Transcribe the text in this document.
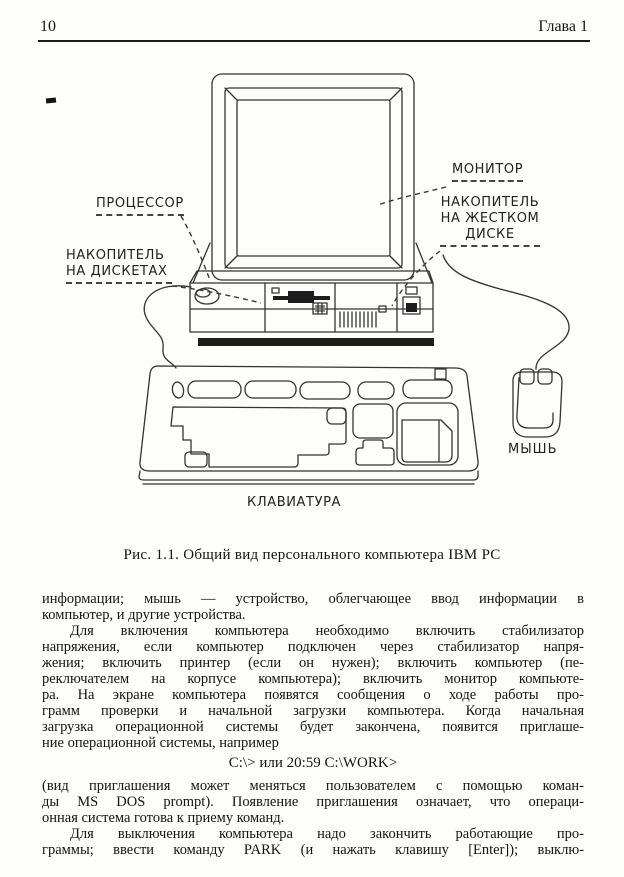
10	Глава 1
ПРОЦЕССОР
НАКОПИТЕЛЬ
НА ДИСКЕТАХ
МОНИТОР
НАКОПИТЕЛЬ
НА ЖЕСТКОМ
ДИСКЕ
МЫШЬ
КЛАВИАТУРА
Рис. 1.1. Общий вид персонального компьютера IBM PC
информации; мышь — устройство, облегчающее ввод информации в
компьютер, и другие устройства.
Для включения компьютера необходимо включить стабилизатор
напряжения, если компьютер подключен через стабилизатор напря-
жения; включить принтер (если он нужен); включить компьютер (пе-
реключателем на корпусе компьютера); включить монитор компьюте-
ра. На экране компьютера появятся сообщения о ходе работы про-
грамм проверки и начальной загрузки компьютера. Когда начальная
загрузка операционной системы будет закончена, появится приглаше-
ние операционной системы, например
C:\> или 20:59 C:\WORK>
(вид приглашения может меняться пользователем с помощью коман-
ды MS DOS prompt). Появление приглашения означает, что операци-
онная система готова к приему команд.
Для выключения компьютера надо закончить работающие про-
граммы; ввести команду PARK (и нажать клавишу [Enter]); выклю-
